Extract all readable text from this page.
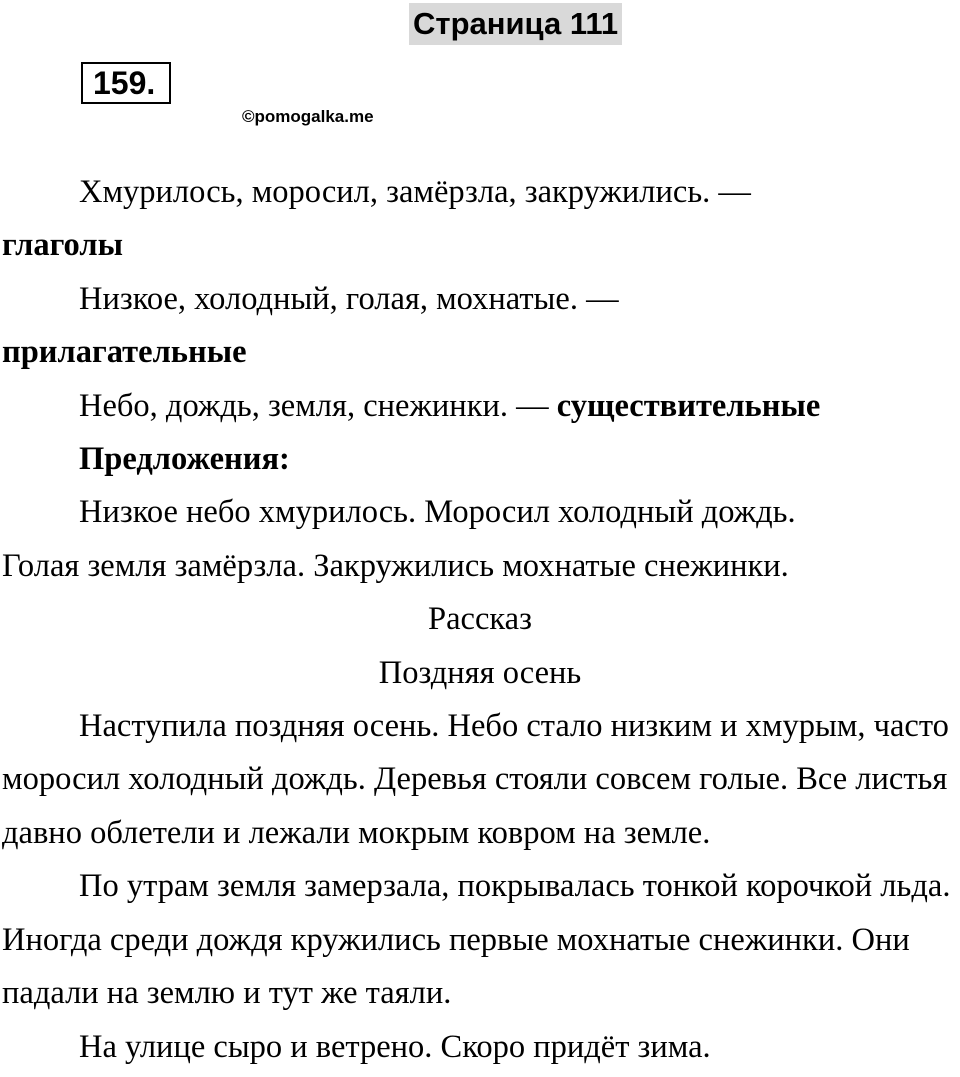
Страница 111
159.
©pomogalka.me

Хмурилось, моросил, замёрзла, закружились. —

глаголы

Низкое, холодный, голая, мохнатые. —

прилагательные

Небо, дождь, земля, снежинки. — существительные

Предложения:

Низкое небо хмурилось. Моросил холодный дождь.

Голая земля замёрзла. Закружились мохнатые снежинки.

Рассказ

Поздняя осень

Наступила поздняя осень. Небо стало низким и хмурым, часто моросил холодный дождь. Деревья стояли совсем голые. Все листья давно облетели и лежали мокрым ковром на земле.

По утрам земля замерзала, покрывалась тонкой корочкой льда. Иногда среди дождя кружились первые мохнатые снежинки. Они падали на землю и тут же таяли.

На улице сыро и ветрено. Скоро придёт зима.
